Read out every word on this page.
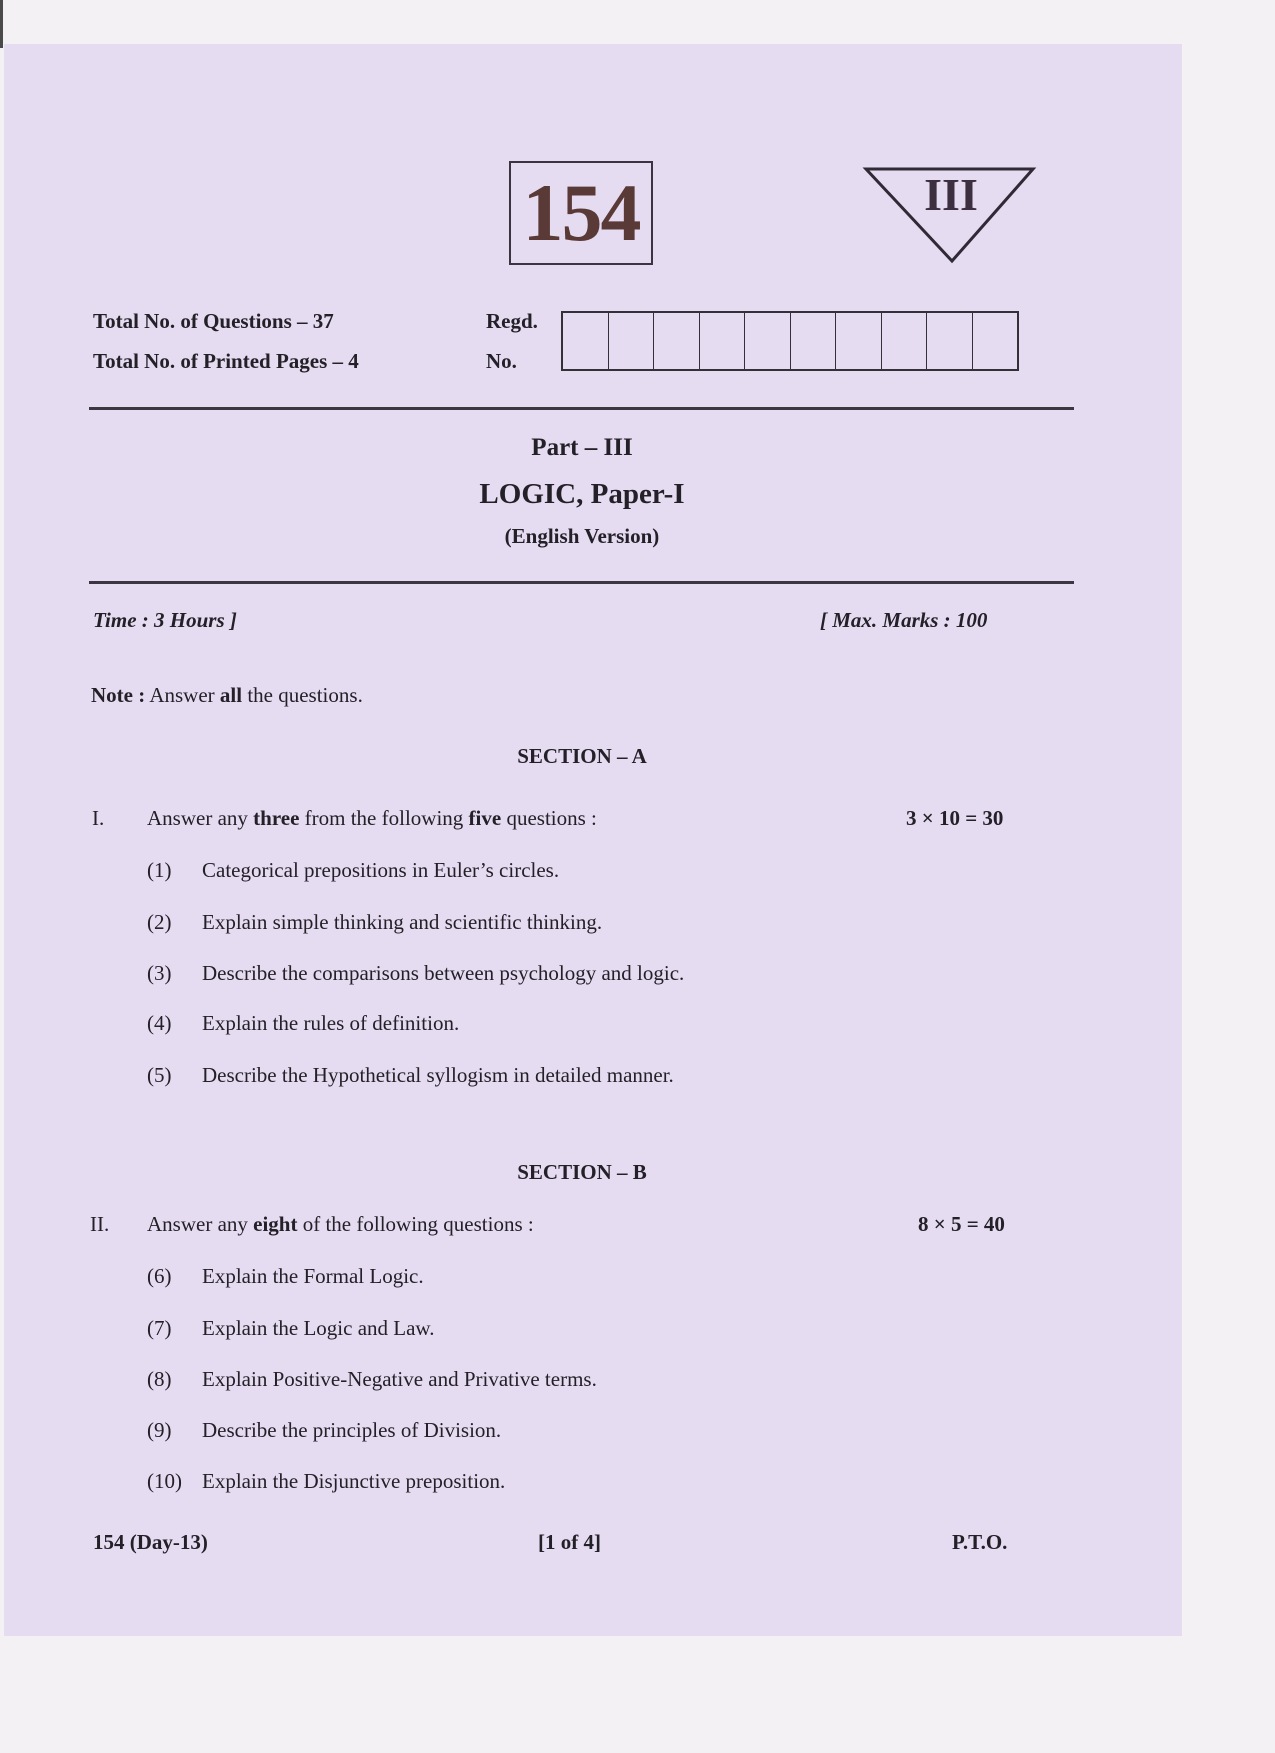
154	III
Total No. of Questions – 37
Total No. of Printed Pages – 4
Regd.
No.
Part – III
LOGIC, Paper-I
(English Version)
Time : 3 Hours ]	[ Max. Marks : 100
Note : Answer all the questions.
SECTION – A
I. Answer any three from the following five questions :	3 × 10 = 30
(1) Categorical prepositions in Euler’s circles.
(2) Explain simple thinking and scientific thinking.
(3) Describe the comparisons between psychology and logic.
(4) Explain the rules of definition.
(5) Describe the Hypothetical syllogism in detailed manner.
SECTION – B
II. Answer any eight of the following questions :	8 × 5 = 40
(6) Explain the Formal Logic.
(7) Explain the Logic and Law.
(8) Explain Positive-Negative and Privative terms.
(9) Describe the principles of Division.
(10) Explain the Disjunctive preposition.
154 (Day-13)	[1 of 4]	P.T.O.
